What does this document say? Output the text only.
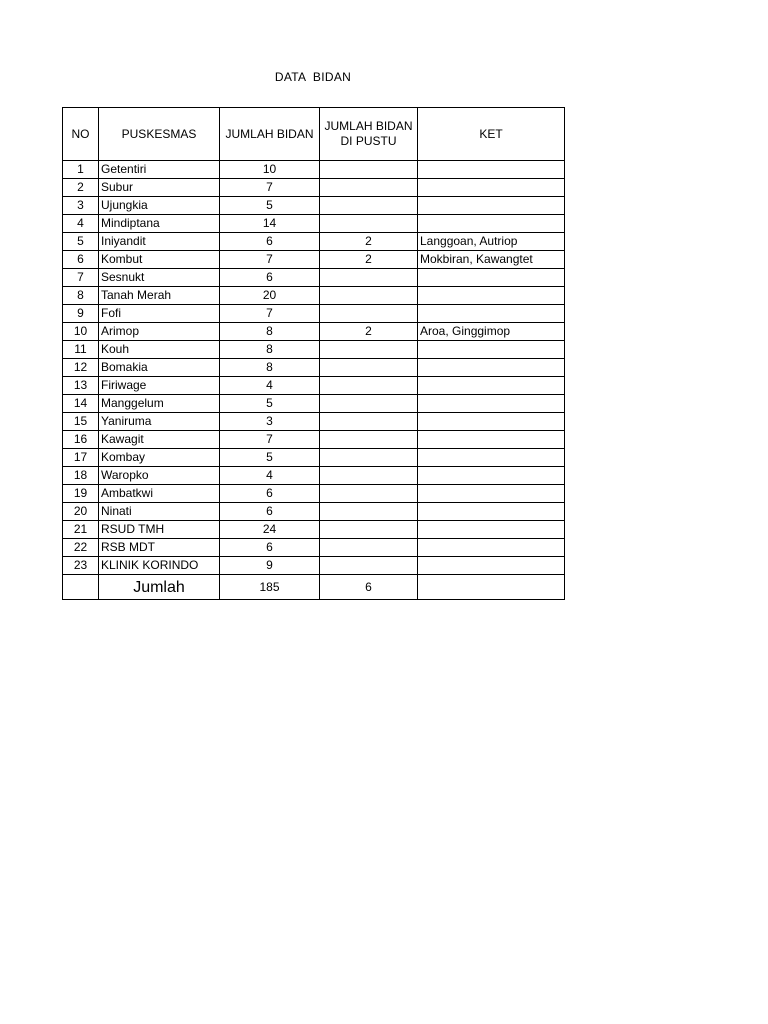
DATA  BIDAN
NO	PUSKESMAS	JUMLAH BIDAN	JUMLAH BIDAN DI PUSTU	KET
1	Getentiri	10		
2	Subur	7		
3	Ujungkia	5		
4	Mindiptana	14		
5	Iniyandit	6	2	Langgoan, Autriop
6	Kombut	7	2	Mokbiran, Kawangtet
7	Sesnukt	6		
8	Tanah Merah	20		
9	Fofi	7		
10	Arimop	8	2	Aroa, Ginggimop
11	Kouh	8		
12	Bomakia	8		
13	Firiwage	4		
14	Manggelum	5		
15	Yaniruma	3		
16	Kawagit	7		
17	Kombay	5		
18	Waropko	4		
19	Ambatkwi	6		
20	Ninati	6		
21	RSUD TMH	24		
22	RSB MDT	6		
23	KLINIK KORINDO	9		
	Jumlah	185	6	
